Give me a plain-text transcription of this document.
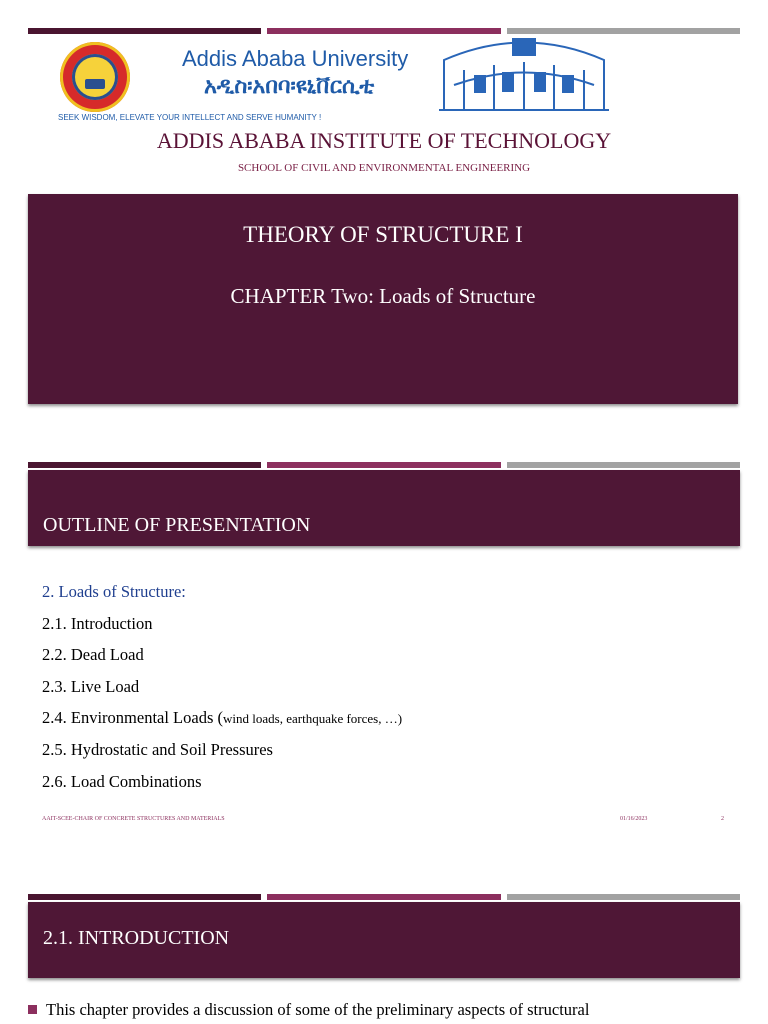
Addis Ababa University
አዲስ፡አበባ፡ዩኒቨርሲቲ
SEEK WISDOM, ELEVATE YOUR INTELLECT AND SERVE HUMANITY !
ADDIS ABABA INSTITUTE OF TECHNOLOGY
SCHOOL OF CIVIL AND ENVIRONMENTAL ENGINEERING
THEORY OF STRUCTURE I
CHAPTER Two: Loads of Structure
OUTLINE OF PRESENTATION
2. Loads of Structure:
2.1. Introduction
2.2. Dead Load
2.3. Live Load
2.4. Environmental Loads (wind loads, earthquake forces, …)
2.5. Hydrostatic and Soil Pressures
2.6. Load Combinations
AAIT-SCEE-CHAIR OF CONCRETE STRUCTURES AND MATERIALS	01/16/2023	2
2.1. INTRODUCTION
This chapter provides a discussion of some of the preliminary aspects of structural
